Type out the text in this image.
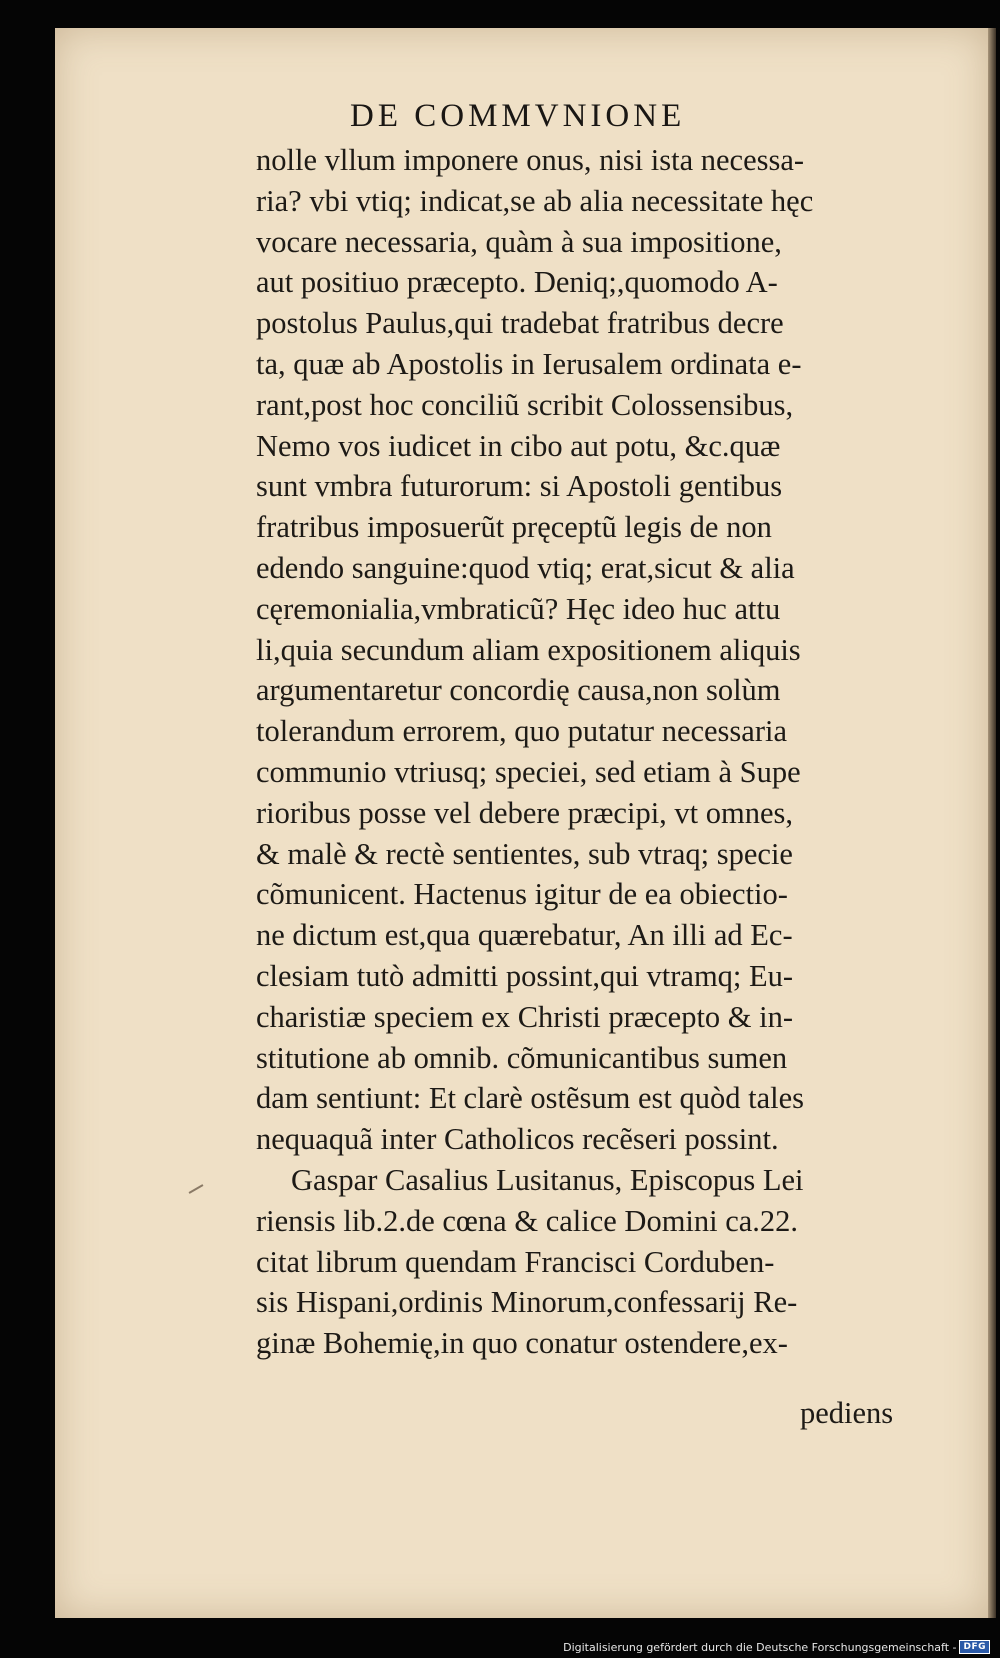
DE COMMVNIONE
nolle vllum imponere onus, nisi ista necessa-
ria? vbi vtiq; indicat,se ab alia necessitate hęc
vocare necessaria, quàm à sua impositione,
aut positiuo præcepto. Deniq;,quomodo A-
postolus Paulus,qui tradebat fratribus decre
ta, quæ ab Apostolis in Ierusalem ordinata e-
rant,post hoc conciliũ scribit Colossensibus,
Nemo vos iudicet in cibo aut potu, &c.quæ
sunt vmbra futurorum: si Apostoli gentibus
fratribus imposuerũt pręceptũ legis de non
edendo sanguine:quod vtiq; erat,sicut & alia
cęremonialia,vmbraticũ? Hęc ideo huc attu
li,quia secundum aliam expositionem aliquis
argumentaretur concordię causa,non solùm
tolerandum errorem, quo putatur necessaria
communio vtriusq; speciei, sed etiam à Supe
rioribus posse vel debere præcipi, vt omnes,
& malè & rectè sentientes, sub vtraq; specie
cõmunicent. Hactenus igitur de ea obiectio-
ne dictum est,qua quærebatur, An illi ad Ec-
clesiam tutò admitti possint,qui vtramq; Eu-
charistiæ speciem ex Christi præcepto & in-
stitutione ab omnib. cõmunicantibus sumen
dam sentiunt: Et clarè ostẽsum est quòd tales
nequaquã inter Catholicos recẽseri possint.
Gaspar Casalius Lusitanus, Episcopus Lei
riensis lib.2.de cœna & calice Domini ca.22.
citat librum quendam Francisci Corduben-
sis Hispani,ordinis Minorum,confessarij Re-
ginæ Bohemię,in quo conatur ostendere,ex-
pediens
Digitalisierung gefördert durch die Deutsche Forschungsgemeinschaft - DFG
